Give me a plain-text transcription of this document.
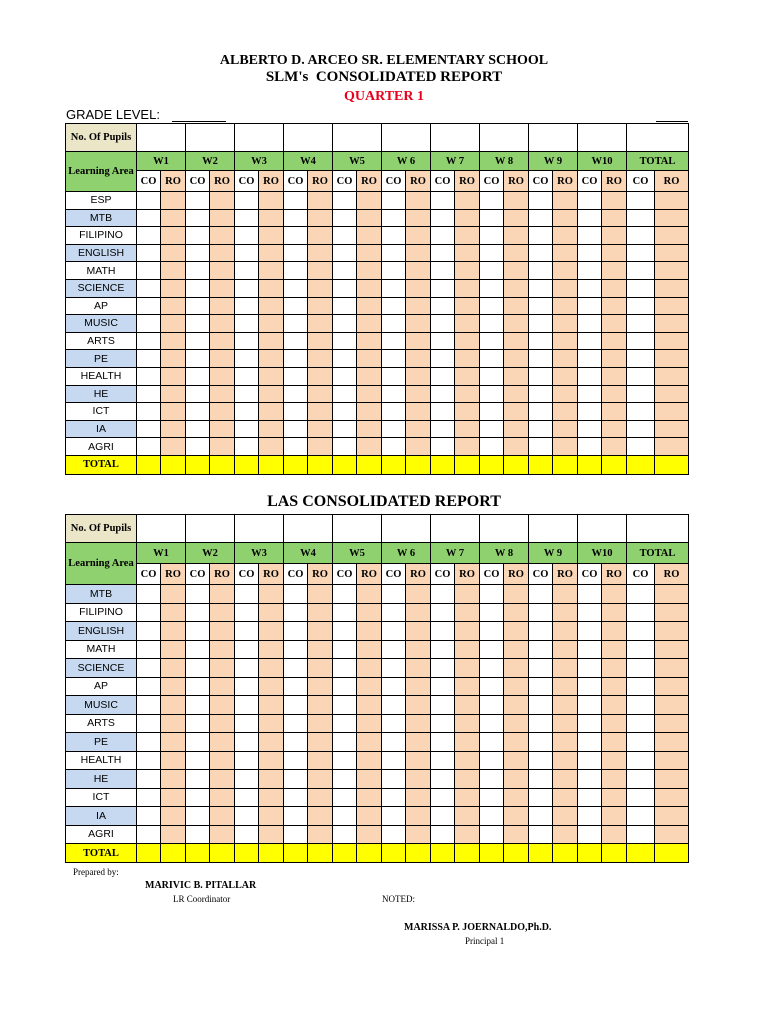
ALBERTO D. ARCEO SR. ELEMENTARY SCHOOL
SLM's  CONSOLIDATED REPORT
QUARTER 1
GRADE LEVEL:
No. Of Pupils																						
Learning Area	W1		W2		W3		W4		W5		W 6		W 7		W 8		W 9		W10		TOTAL	
	CO	RO	CO	RO	CO	RO	CO	RO	CO	RO	CO	RO	CO	RO	CO	RO	CO	RO	CO	RO	CO	RO
ESP																						
MTB																						
FILIPINO																						
ENGLISH																						
MATH																						
SCIENCE																						
AP																						
MUSIC																						
ARTS																						
PE																						
HEALTH																						
HE																						
ICT																						
IA																						
AGRI																						
TOTAL																						
LAS CONSOLIDATED REPORT
No. Of Pupils																						
Learning Area	W1		W2		W3		W4		W5		W 6		W 7		W 8		W 9		W10		TOTAL	
	CO	RO	CO	RO	CO	RO	CO	RO	CO	RO	CO	RO	CO	RO	CO	RO	CO	RO	CO	RO	CO	RO
MTB																						
FILIPINO																						
ENGLISH																						
MATH																						
SCIENCE																						
AP																						
MUSIC																						
ARTS																						
PE																						
HEALTH																						
HE																						
ICT																						
IA																						
AGRI																						
TOTAL																						
Prepared by:
MARIVIC B. PITALLAR
LR Coordinator	NOTED:
MARISSA P. JOERNALDO,Ph.D.
Principal 1
